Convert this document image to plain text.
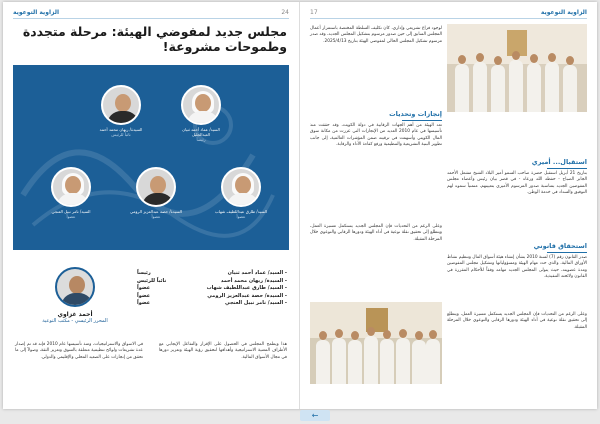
الزاوية التوعوية	24
مجلس جديد لمفوضي الهيئة: مرحلة متجددة وطموحات مشروعة!
السيد/ عماد أحمد ثنيان العبدالجليل
رئيساً
السيدة/ ريهان محمد أحمد
نائباً للرئيس
السيد/ طارق عبداللطيف شهاب
عضواً
السيدة/ حصة عبدالعزيز الرومي
عضواً
السيد/ نامر نبيل العنجي
عضواً
- السيد/ عماد أحمد ثنيان
رئيساً
- السيدة/ ريهان محمد أحمد
نائباً للرئيس
- السيد/ طارق عبداللطيف شهاب
عضواً
- السيدة/ حصة عبدالعزيز الرومي
عضواً
- السيد/ نامر نبيل العنجي
عضواً
أحمد غزاوي
المحرر الرئيسي - مكتب التوعية
هذا ويطمح المجلس في الحصول على الإقرار والتفاعل الإيجابي مع الأطراف المعنية الاستراتيجية وأهدافها لتحقيق رؤية الهيئة وتعزيز دورها في مجال الأسواق المالية.
في الاسواق والاستراتيجيات، ومنذ تأسيسها عام 2010 فإنه قد تم إصدار عدة تشريعات ولوائح تنظيمية متعلقة بالسوق وتعزيز الثقة، وصولاً إلى ما تحقق من إنجازات على الصعيد المحلي والإقليمي والدولي.
17	الزاوية التوعوية
لوجود فراغ تشريعي وإداري، كان تكليف السلطة المختصة باستمرار أعمال المجلس السابق إلى حين صدور مرسوم بتشكيل المجلس الجديد، وقد صدر مرسوم تشكيل المجلس الحالي لمفوضي الهيئة بتاريخ 2025/4/13.
إنجازات وتحديات
تعد الهيئة من أهم الجهات الرقابية في دولة الكويت، وقد حققت منذ تأسيسها في عام 2010 العديد من الإنجازات التي عززت من مكانة سوق المال الكويتي وأسهمت في ترقيته ضمن المؤشرات العالمية، إلى جانب تطوير البنية التشريعية والتنظيمية ورفع كفاءة الأداء والرقابة.
استقبال... أميري
بتاريخ 21 أبريل استقبل حضرة صاحب السمو أمير البلاد الشيخ مشعل الأحمد الجابر الصباح - حفظه الله ورعاه - في قصر بيان رئيس وأعضاء مجلس المفوضين الجديد بمناسبة صدور المرسوم الأميري بتعيينهم، متمنياً سموه لهم التوفيق والسداد في خدمة الوطن.
وعلى الرغم من التحديات فإن المجلس الجديد يستكمل مسيرة العمل، ويتطلع إلى تحقيق نقلة نوعية في أداء الهيئة ودورها الرقابي والتوعوي خلال المرحلة المقبلة.
استحقاق قانوني
صدر القانون رقم (7) لسنة 2010 بشأن إنشاء هيئة أسواق المال وتنظيم نشاط الأوراق المالية، والذي حدد مهام الهيئة ومسؤولياتها وتشكيل مجلس المفوضين ومدة عضويته، حيث يتولى المجلس الجديد مهامه وفقاً للأحكام المقررة في القانون ولائحته التنفيذية.
وعلى الرغم من التحديات فإن المجلس الجديد يستكمل مسيرة العمل، ويتطلع إلى تحقيق نقلة نوعية في أداء الهيئة ودورها الرقابي والتوعوي خلال المرحلة المقبلة.
←
